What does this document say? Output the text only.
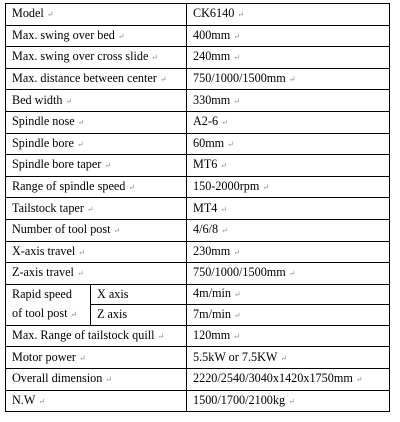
Model↵		CK6140↵
Max. swing over bed↵		400mm↵
Max. swing over cross slide↵		240mm↵
Max. distance between center↵		750/1000/1500mm↵
Bed width↵		330mm↵
Spindle nose↵		A2-6↵
Spindle bore↵		60mm↵
Spindle bore taper↵		MT6↵
Range of spindle speed↵		150-2000rpm↵
Tailstock taper↵		MT4↵
Number of tool post↵		4/6/8↵
X-axis travel↵		230mm↵
Z-axis travel↵		750/1000/1500mm↵
Rapid speed
of tool post↵	X axis	4m/min↵
	Z axis	7m/min↵
Max. Range of tailstock quill↵		120mm↵
Motor power↵		5.5kW or 7.5KW↵
Overall dimension↵		2220/2540/3040x1420x1750mm↵
N.W↵		1500/1700/2100kg↵
